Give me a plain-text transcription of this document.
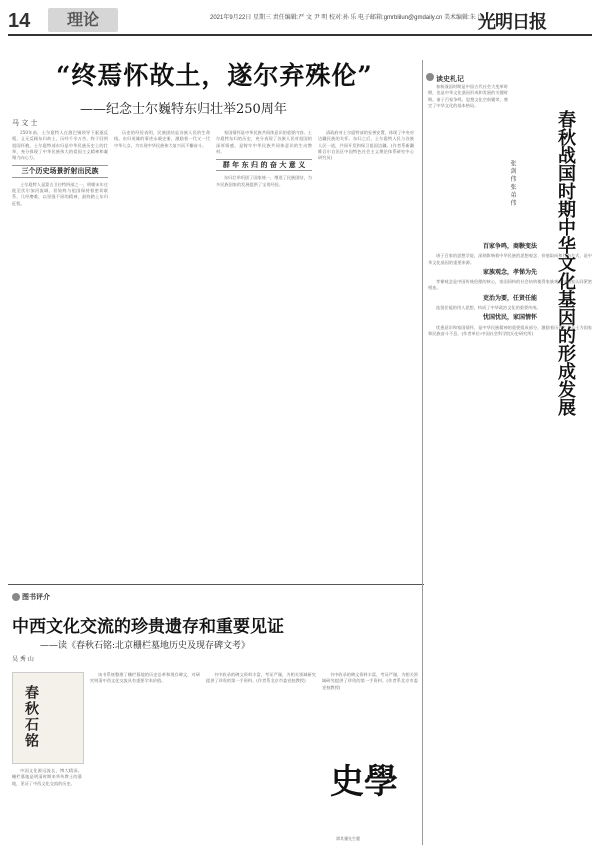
14	理论	2021年9月22日 星期三 责任编辑:严 文 尹 明 校对:孙 乐 电子邮箱:gmrblilun@gmdaily.cn 美术编辑:朱 江
光明日报
“终焉怀故土，遂尔弃殊伦”
——纪念士尔巍特东归壮举250周年
马 文 士

250年前，土尔扈特人在渥巴锡领导下驱逐反叛，义无反顾东归故土，历经千辛万苦，终于回到祖国怀抱。土尔扈特部东归是中华民族历史上的壮举，充分体现了中华民族伟大的爱国主义精神和凝聚力向心力。

三个历史场景折射出民族

土尔扈特人是蒙古卫拉特四部之一，明朝末年迁徙至伏尔加河流域，但始终与祖国保持着密切联系，几经磨难，以坚强不屈的精神，最终踏上东归征程。

历史的经验表明，民族团结是各族人民的生命线。东归英雄的事迹永载史册，激励着一代又一代中华儿女，为实现中华民族伟大复兴而不懈奋斗。

家国情怀是中华民族共同体意识的重要内容。土尔扈特东归的历史，充分表现了各族人民对祖国的深厚情感，是铸牢中华民族共同体意识的生动教材。

群 年 东 归 的 奋 大 意 义

东归壮举巩固了国家统一，增进了民族团结，为多民族国家的发展提供了宝贵经验。

清政府对土尔扈特部的妥善安置，体现了中央对边疆民族的关怀。东归之后，土尔扈特人民与各族人民一道，共同开发和保卫祖国边疆。(作者系新疆维吾尔自治区中国特色社会主义理论体系研究中心研究员)

读史札记

春秋战国时期是中国古代社会大变革时期，也是中华文化基因形成和发展的关键时期。诸子百家争鸣，思想文化空前繁荣，奠定了中华文化的基本格局。

春秋战国时期中华文化基因的形成发展
张 剑 伟 张 弟 伟
百家争鸣，商鞅变法

诸子百家的思想学说，深刻影响着中华民族的思想观念、价值取向和行为方式，是中华文化基因的重要来源。

家族观念，孝悌为先

孝悌观念是中国传统伦理的核心，家国同构的社会结构使得家族观念与国家认同紧密相连。

吏治为要，任贤任能

选贤任能的用人思想，构成了中华政治文化的重要传统。

忧国忧民，家国情怀

忧患意识和家国情怀，是中华民族精神的重要组成部分，激励着历代仁人志士为国家和民族奋斗不息。(作者单位:中国社会科学院历史研究所)

图书评介
中西文化交流的珍贵遗存和重要见证
——读《春秋石铭:北京栅栏墓地历史及现存碑文考》
吴 秀 山
春秋石铭

中国文化源远流长，博大精深。栅栏墓地是明清时期来华传教士的墓地，见证了中西文化交流的历史。

该书系统整理了栅栏墓地的历史沿革和现存碑文，对研究明清中西文化交流具有重要学术价值。

书中收录的碑文资料丰富，考证严谨，为相关领域研究提供了珍贵的第一手资料。(作者系北京市委党校教授)

书中收录的碑文资料丰富，考证严谨，为相关领域研究提供了珍贵的第一手资料。(作者系北京市委党校教授)

史學
谭其骧先生题
